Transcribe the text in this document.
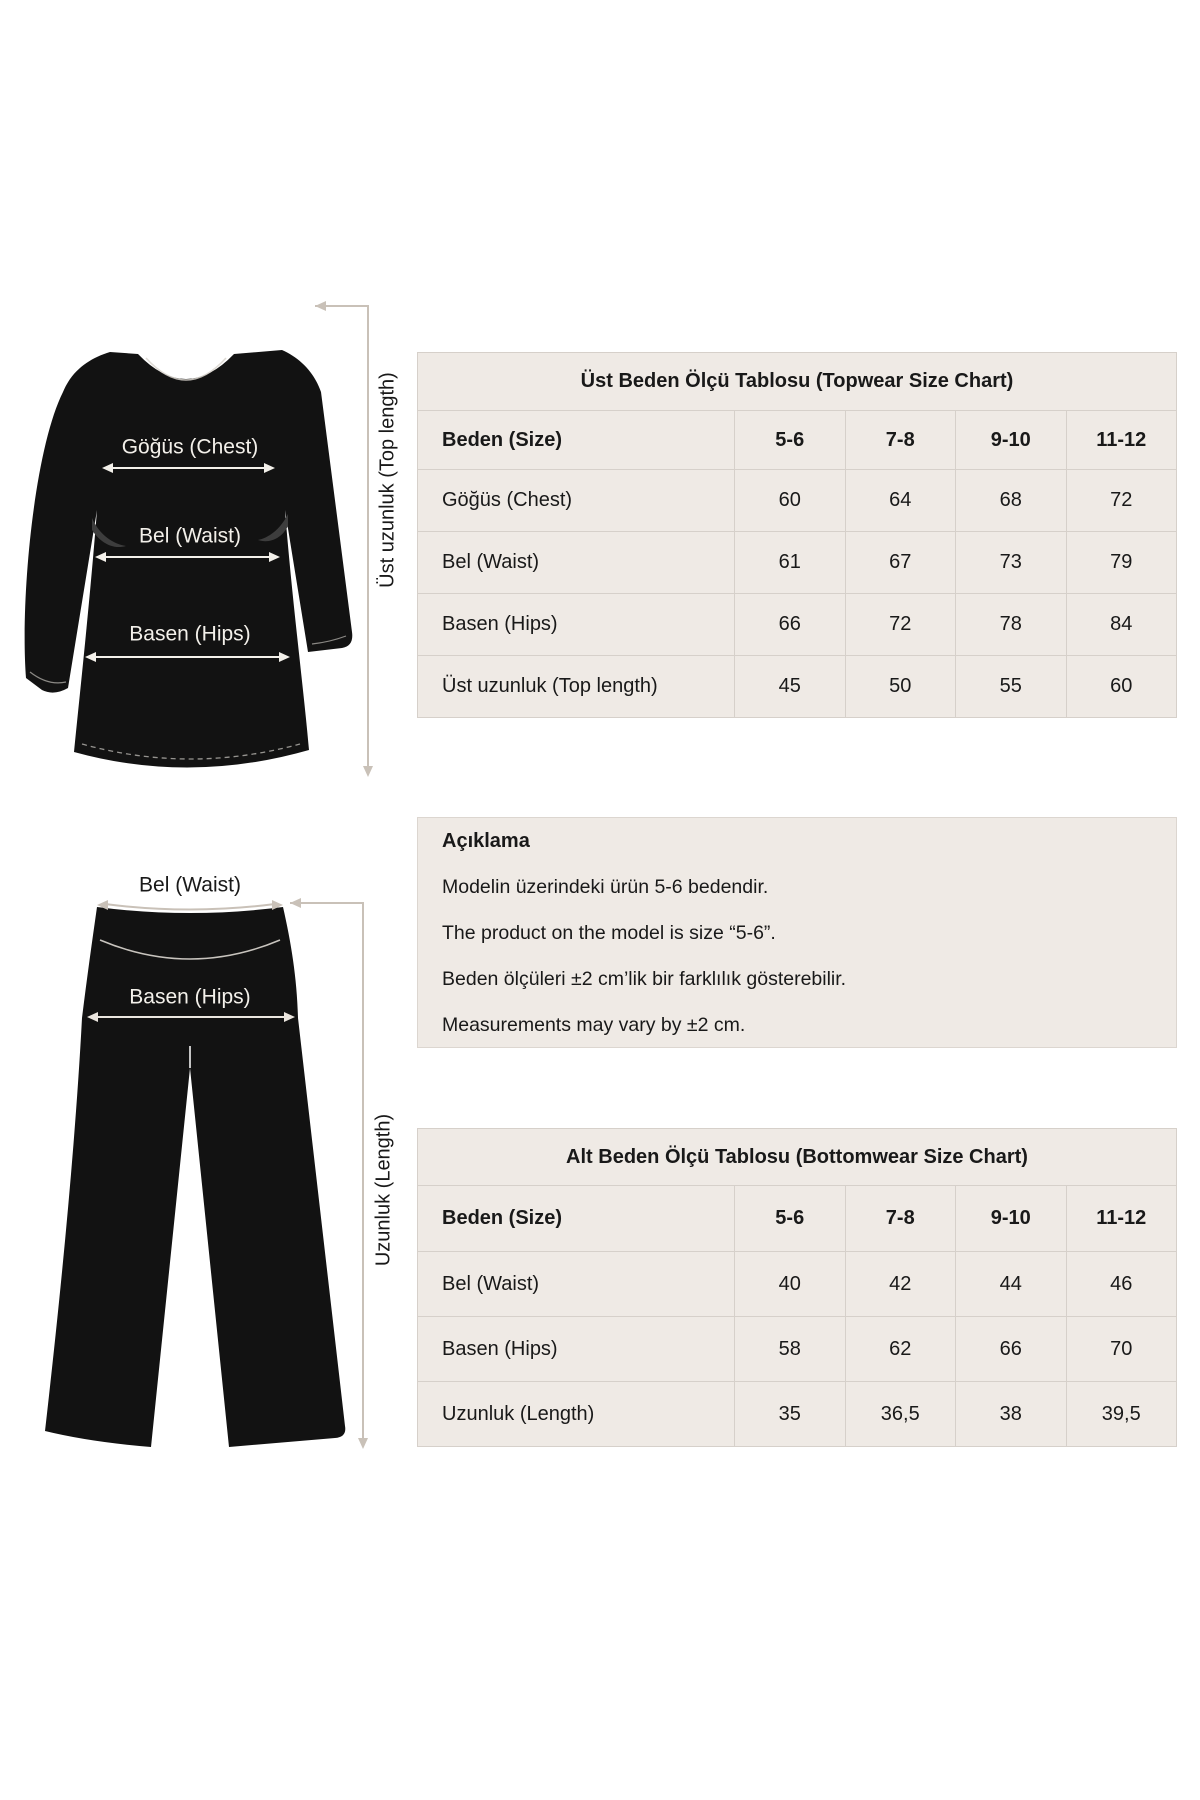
Göğüs (Chest)
Bel (Waist)
Basen (Hips)
Üst uzunluk (Top length)
Bel (Waist)
Basen (Hips)
Uzunluk (Length)
Üst Beden Ölçü Tablosu (Topwear Size Chart)
Beden (Size)	5-6	7-8	9-10	11-12
Göğüs (Chest)	60	64	68	72
Bel (Waist)	61	67	73	79
Basen (Hips)	66	72	78	84
Üst uzunluk (Top length)	45	50	55	60
Açıklama
Modelin üzerindeki ürün 5-6 bedendir.
The product on the model is size “5-6”.
Beden ölçüleri ±2 cm’lik bir farklılık gösterebilir.
Measurements may vary by ±2 cm.
Alt Beden Ölçü Tablosu (Bottomwear Size Chart)
Beden (Size)	5-6	7-8	9-10	11-12
Bel (Waist)	40	42	44	46
Basen (Hips)	58	62	66	70
Uzunluk (Length)	35	36,5	38	39,5
